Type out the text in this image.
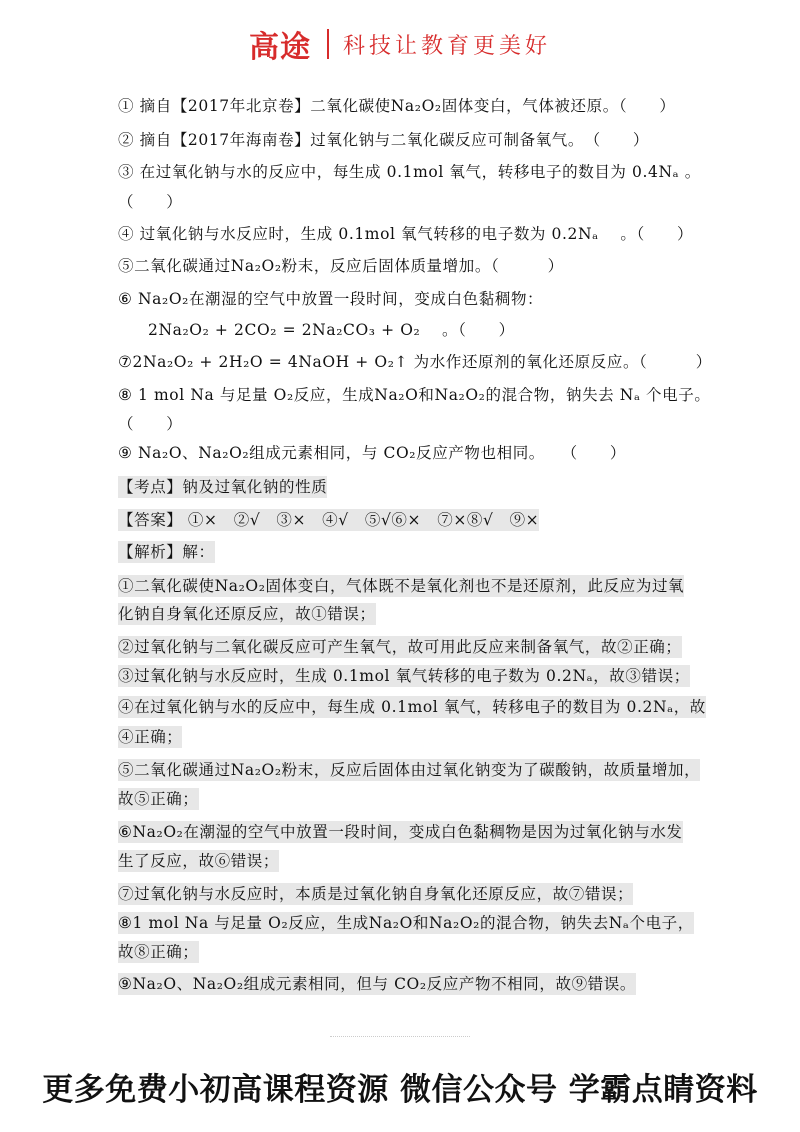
高途 科技让教育更美好
① 摘自【2017年北京卷】二氧化碳使Na₂O₂固体变白，气体被还原。（　　）
② 摘自【2017年海南卷】过氧化钠与二氧化碳反应可制备氧气。　（　　）
③ 在过氧化钠与水的反应中，每生成 0.1mol 氧气，转移电子的数目为 0.4Nₐ 。
（　　）
④ 过氧化钠与水反应时，生成 0.1mol 氧气转移的电子数为 0.2Nₐ 　。（　　）
⑤二氧化碳通过Na₂O₂粉末，反应后固体质量增加。（　　　）
⑥ Na₂O₂在潮湿的空气中放置一段时间，变成白色黏稠物：
2Na₂O₂ + 2CO₂ = 2Na₂CO₃ + O₂ 　。（　　）
⑦2Na₂O₂ + 2H₂O = 4NaOH + O₂↑ 为水作还原剂的氧化还原反应。（　　　）
⑧ 1 mol Na 与足量 O₂反应，生成Na₂O和Na₂O₂的混合物，钠失去 Nₐ 个电子。
（　　）
⑨ Na₂O、Na₂O₂组成元素相同，与 CO₂反应产物也相同。　　（　　）
【考点】钠及过氧化钠的性质
【答案】 ①×　②√　③×　④√　⑤√⑥×　⑦×⑧√　⑨×
【解析】解：
①二氧化碳使Na₂O₂固体变白，气体既不是氧化剂也不是还原剂，此反应为过氧
化钠自身氧化还原反应，故①错误；
②过氧化钠与二氧化碳反应可产生氧气，故可用此反应来制备氧气，故②正确；
③过氧化钠与水反应时，生成 0.1mol 氧气转移的电子数为 0.2Nₐ，故③错误；
④在过氧化钠与水的反应中，每生成 0.1mol 氧气，转移电子的数目为 0.2Nₐ，故
④正确；
⑤二氧化碳通过Na₂O₂粉末，反应后固体由过氧化钠变为了碳酸钠，故质量增加，
故⑤正确；
⑥Na₂O₂在潮湿的空气中放置一段时间，变成白色黏稠物是因为过氧化钠与水发
生了反应，故⑥错误；
⑦过氧化钠与水反应时，本质是过氧化钠自身氧化还原反应，故⑦错误；
⑧1 mol Na 与足量 O₂反应，生成Na₂O和Na₂O₂的混合物，钠失去Nₐ个电子，
故⑧正确；
⑨Na₂O、Na₂O₂组成元素相同，但与 CO₂反应产物不相同，故⑨错误。
更多免费小初高课程资源 微信公众号 学霸点睛资料
